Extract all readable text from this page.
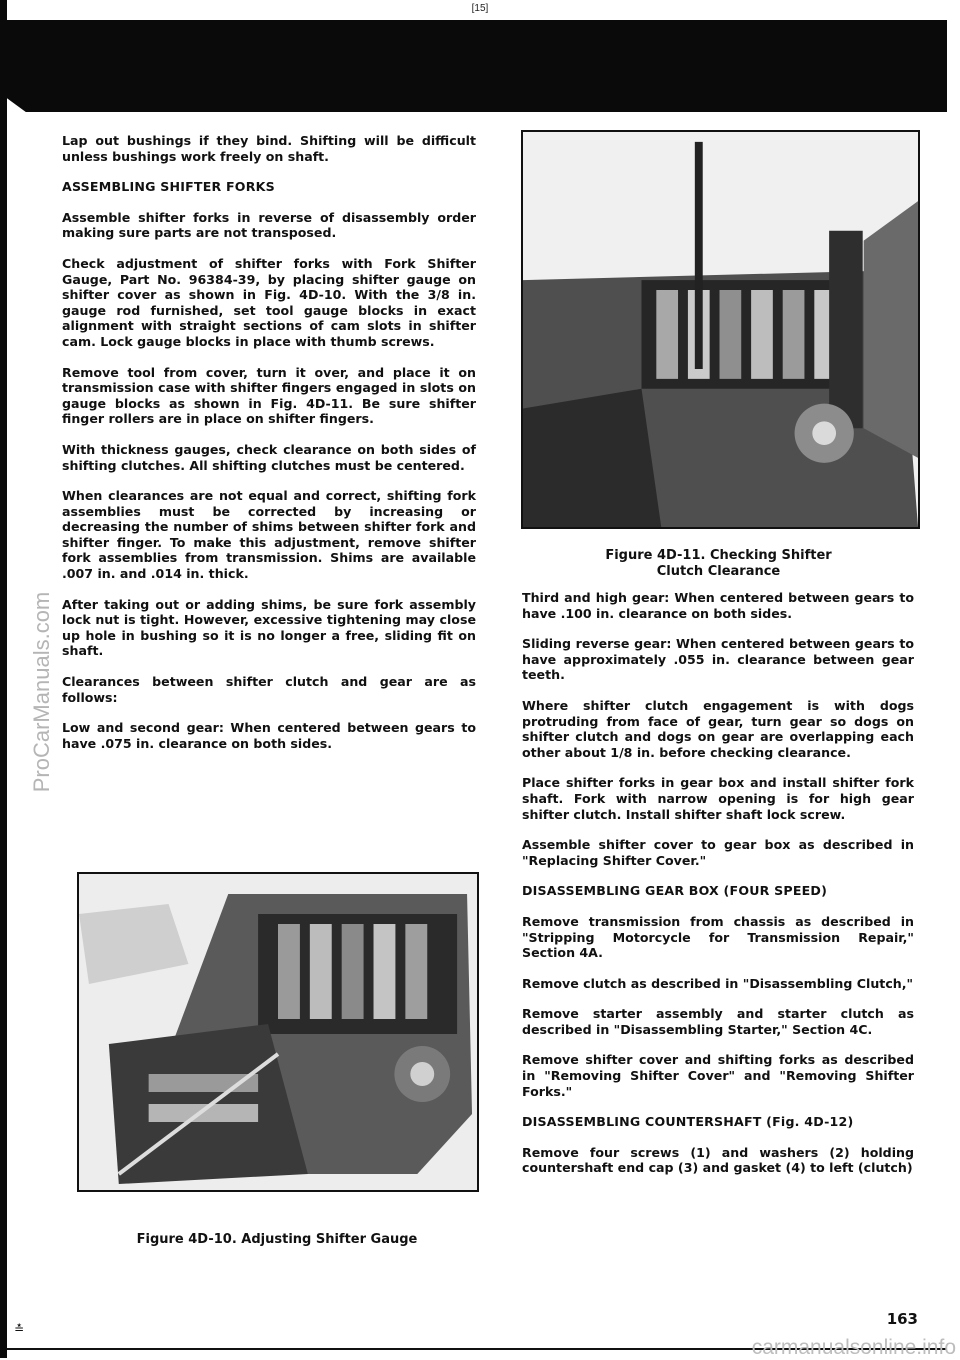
[15]
ProCarManuals.com

Lap out bushings if they bind. Shifting will be difficult unless bushings work freely on shaft.

ASSEMBLING SHIFTER FORKS

Assemble shifter forks in reverse of disassembly order making sure parts are not transposed.

Check adjustment of shifter forks with Fork Shifter Gauge, Part No. 96384-39, by placing shifter gauge on shifter cover as shown in Fig. 4D-10. With the 3/8 in. gauge rod furnished, set tool gauge blocks in exact alignment with straight sections of cam slots in shifter cam. Lock gauge blocks in place with thumb screws.

Remove tool from cover, turn it over, and place it on transmission case with shifter fingers engaged in slots on gauge blocks as shown in Fig. 4D-11. Be sure shifter finger rollers are in place on shifter fingers.

With thickness gauges, check clearance on both sides of shifting clutches. All shifting clutches must be centered.

When clearances are not equal and correct, shifting fork assemblies must be corrected by increasing or decreasing the number of shims between shifter fork and shifter finger. To make this adjustment, remove shifter fork assemblies from transmission. Shims are available .007 in. and .014 in. thick.

After taking out or adding shims, be sure fork assembly lock nut is tight. However, excessive tightening may close up hole in bushing so it is no longer a free, sliding fit on shaft.

Clearances between shifter clutch and gear are as follows:

Low and second gear: When centered between gears to have .075 in. clearance on both sides.

Figure 4D-10. Adjusting Shifter Gauge
Figure 4D-11. Checking Shifter
Clutch Clearance

Third and high gear: When centered between gears to have .100 in. clearance on both sides.

Sliding reverse gear: When centered between gears to have approximately .055 in. clearance between gear teeth.

Where shifter clutch engagement is with dogs protruding from face of gear, turn gear so dogs on shifter clutch and dogs on gear are overlapping each other about 1/8 in. before checking clearance.

Place shifter forks in gear box and install shifter fork shaft. Fork with narrow opening is for high gear shifter clutch. Install shifter shaft lock screw.

Assemble shifter cover to gear box as described in "Replacing Shifter Cover."

DISASSEMBLING GEAR BOX (FOUR SPEED)

Remove transmission from chassis as described in "Stripping Motorcycle for Transmission Repair," Section 4A.

Remove clutch as described in "Disassembling Clutch,"

Remove starter assembly and starter clutch as described in "Disassembling Starter," Section 4C.

Remove shifter cover and shifting forks as described in "Removing Shifter Cover" and "Removing Shifter Forks."

DISASSEMBLING COUNTERSHAFT (Fig. 4D-12)

Remove four screws (1) and washers (2) holding countershaft end cap (3) and gasket (4) to left (clutch)

163
≛
carmanualsonline.info
